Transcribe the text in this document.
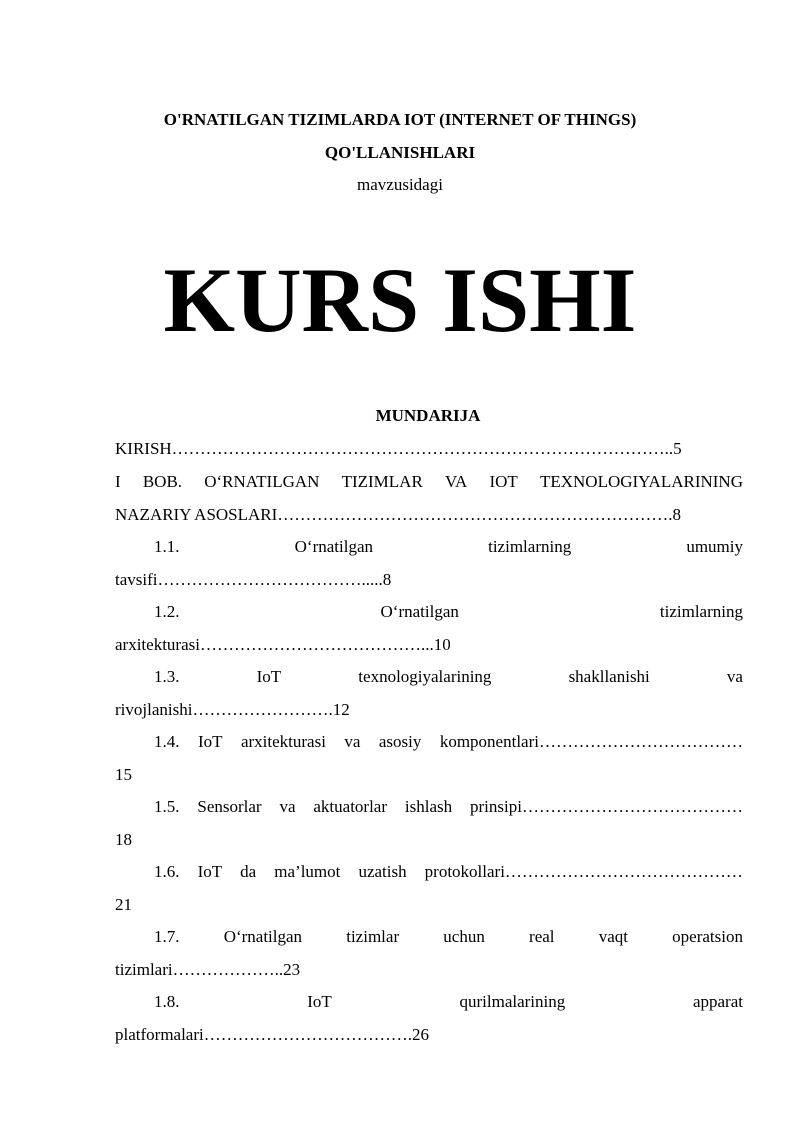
O'RNATILGAN TIZIMLARDA IOT (INTERNET OF THINGS)
QO'LLANISHLARI
mavzusidagi
KURS ISHI
MUNDARIJA
KIRISH……………………………………………………………………………..5
I BOB. O‘RNATILGAN TIZIMLAR VA IOT TEXNOLOGIYALARINING
NAZARIY ASOSLARI…………………………………………………………….8
1.1.	O‘rnatilgan	tizimlarning	umumiy
tavsifi……………………………….....8
1.2.	O‘rnatilgan	tizimlarning
arxitekturasi…………………………………...10
1.3.	IoT	texnologiyalarining	shakllanishi	va
rivojlanishi…………………….12
1.4. IoT arxitekturasi va asosiy komponentlari………………………………
15
1.5. Sensorlar va aktuatorlar ishlash prinsipi…………………………………
18
1.6. IoT da ma’lumot uzatish protokollari……………………………………
21
1.7.	O‘rnatilgan	tizimlar	uchun	real	vaqt	operatsion
tizimlari………………..23
1.8.	IoT	qurilmalarining	apparat
platformalari……………………………….26
